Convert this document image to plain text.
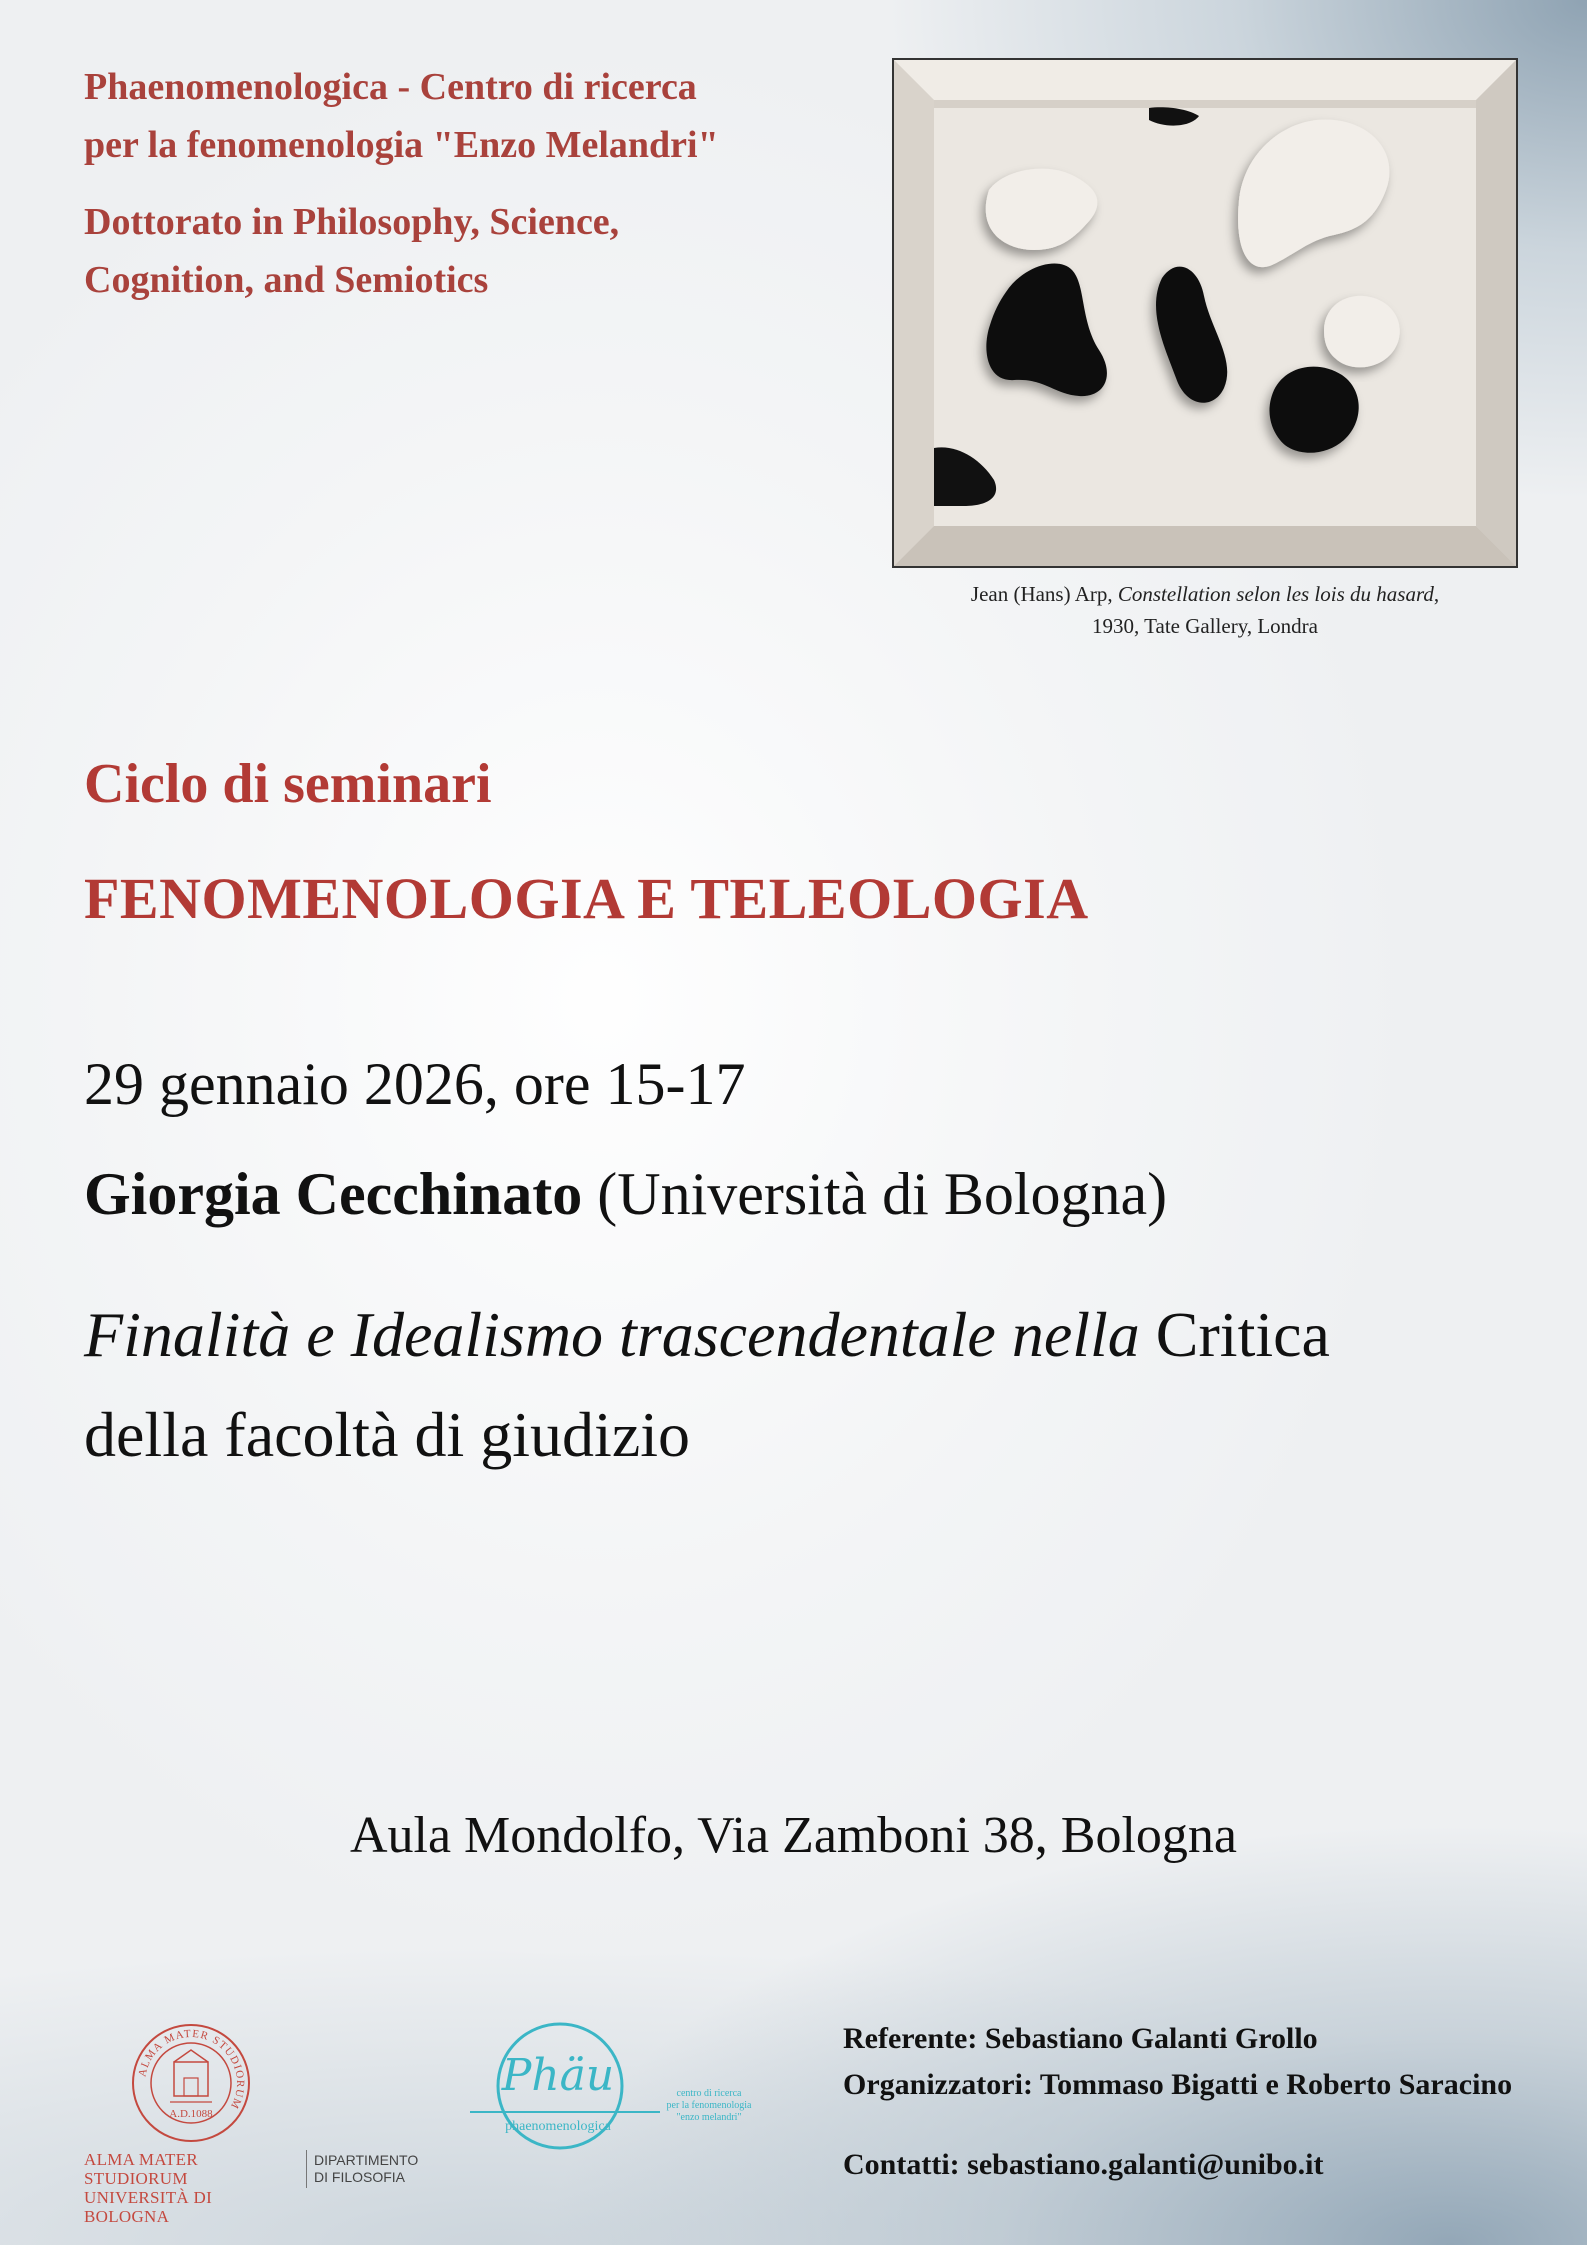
Phaenomenologica - Centro di ricerca
per la fenomenologia "Enzo Melandri"
Dottorato in Philosophy, Science,
Cognition, and Semiotics
Jean (Hans) Arp, Constellation selon les lois du hasard,
1930, Tate Gallery, Londra
Ciclo di seminari
FENOMENOLOGIA E TELEOLOGIA
29 gennaio 2026, ore 15-17
Giorgia Cecchinato (Università di Bologna)
Finalità e Idealismo trascendentale nella Critica
della facoltà di giudizio
Aula Mondolfo, Via Zamboni 38, Bologna
ALMA MATER STUDIORUM
A.D.1088
ALMA MATER STUDIORUM
UNIVERSITÀ DI BOLOGNA
DIPARTIMENTO
DI FILOSOFIA
Phäu
phaenomenologica
centro di ricerca
per la fenomenologia
"enzo melandri"
Referente: Sebastiano Galanti Grollo
Organizzatori: Tommaso Bigatti e Roberto Saracino
Contatti: sebastiano.galanti@unibo.it
